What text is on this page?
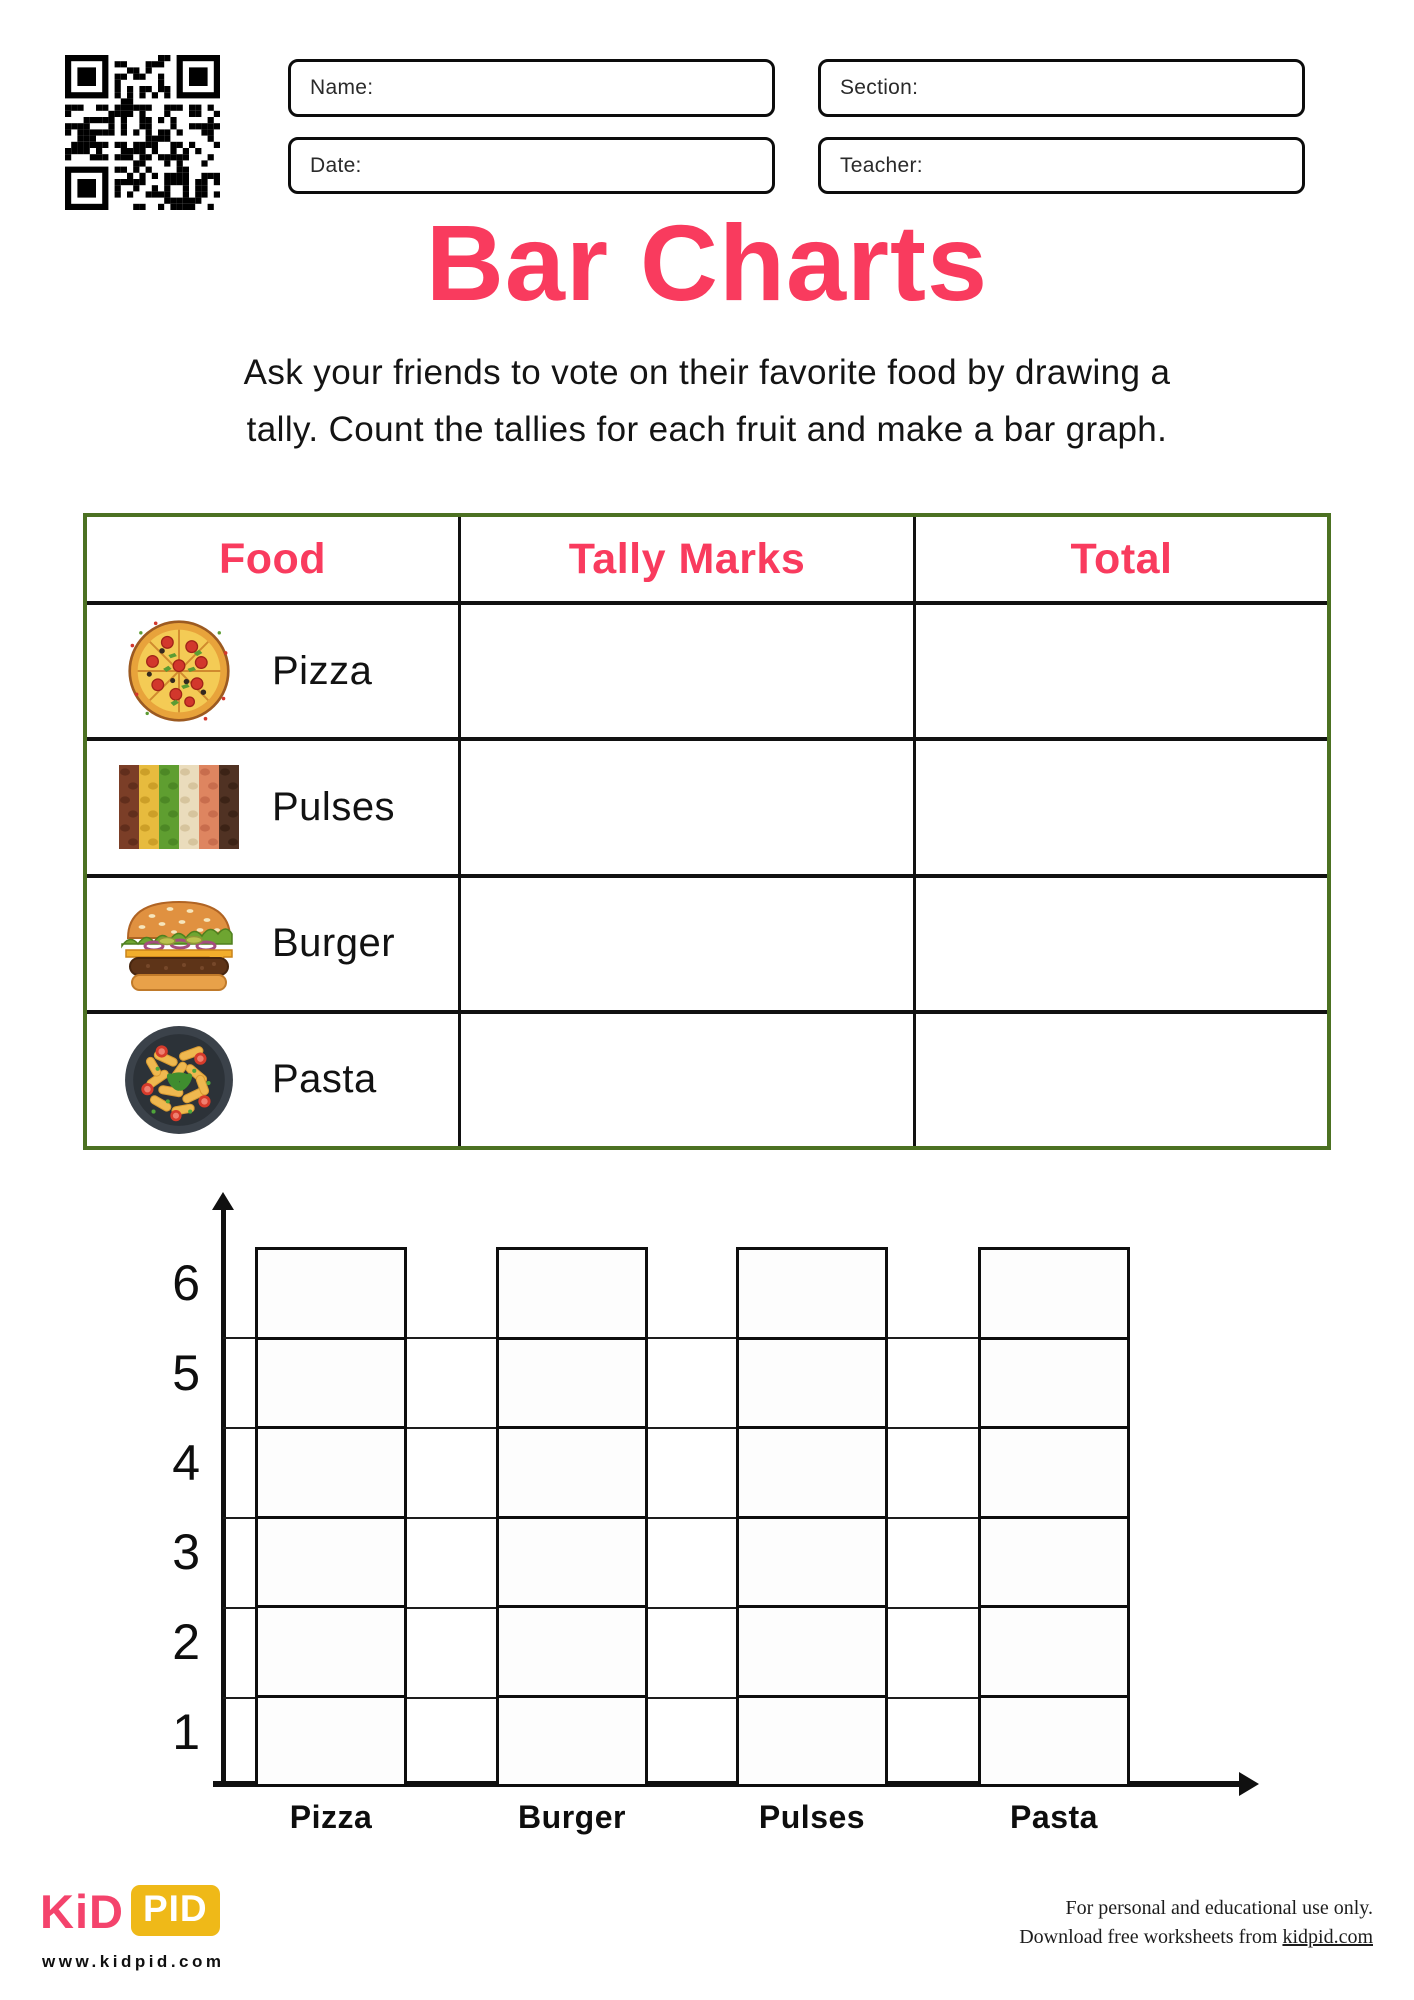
Name:	Section:
Date:	Teacher:
Bar Charts
Ask your friends to vote on their favorite food by drawing a
tally. Count the tallies for each fruit and make a bar graph.
Food	Tally Marks	Total
Pizza
Pulses
Burger
Pasta
6
5
4
3
2
1
Pizza	Burger	Pulses	Pasta
KiD PID
www.kidpid.com
For personal and educational use only.
Download free worksheets from kidpid.com
